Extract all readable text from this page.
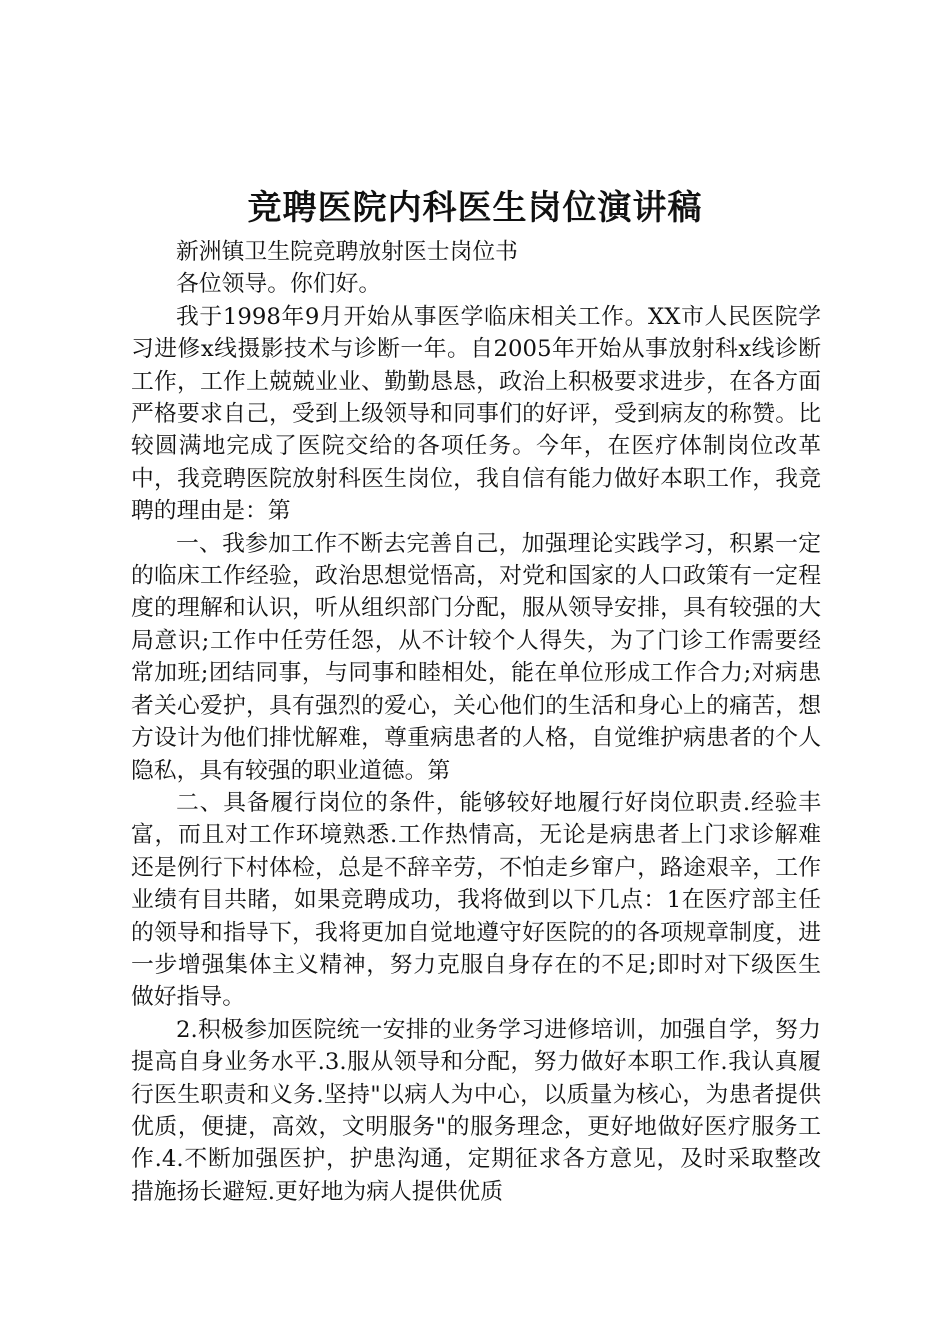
竞聘医院内科医生岗位演讲稿

新洲镇卫生院竞聘放射医士岗位书

各位领导。你们好。

我于1998年9月开始从事医学临床相关工作。XX市人民医院学习进修x线摄影技术与诊断一年。自2005年开始从事放射科x线诊断工作，工作上兢兢业业、勤勤恳恳，政治上积极要求进步，在各方面严格要求自己，受到上级领导和同事们的好评，受到病友的称赞。比较圆满地完成了医院交给的各项任务。今年，在医疗体制岗位改革中，我竞聘医院放射科医生岗位，我自信有能力做好本职工作，我竞聘的理由是：第

一、我参加工作不断去完善自己，加强理论实践学习，积累一定的临床工作经验，政治思想觉悟高，对党和国家的人口政策有一定程度的理解和认识，听从组织部门分配，服从领导安排，具有较强的大局意识;工作中任劳任怨，从不计较个人得失，为了门诊工作需要经常加班;团结同事，与同事和睦相处，能在单位形成工作合力;对病患者关心爱护，具有强烈的爱心，关心他们的生活和身心上的痛苦，想方设计为他们排忧解难，尊重病患者的人格，自觉维护病患者的个人隐私，具有较强的职业道德。第

二、具备履行岗位的条件，能够较好地履行好岗位职责.经验丰富，而且对工作环境熟悉.工作热情高，无论是病患者上门求诊解难还是例行下村体检，总是不辞辛劳，不怕走乡窜户，路途艰辛，工作业绩有目共睹，如果竞聘成功，我将做到以下几点：1在医疗部主任的领导和指导下，我将更加自觉地遵守好医院的的各项规章制度，进一步增强集体主义精神，努力克服自身存在的不足;即时对下级医生做好指导。

2.积极参加医院统一安排的业务学习进修培训，加强自学，努力提高自身业务水平.3.服从领导和分配，努力做好本职工作.我认真履行医生职责和义务.坚持"以病人为中心，以质量为核心，为患者提供优质，便捷，高效，文明服务"的服务理念，更好地做好医疗服务工作.4.不断加强医护，护患沟通，定期征求各方意见，及时采取整改措施扬长避短.更好地为病人提供优质
